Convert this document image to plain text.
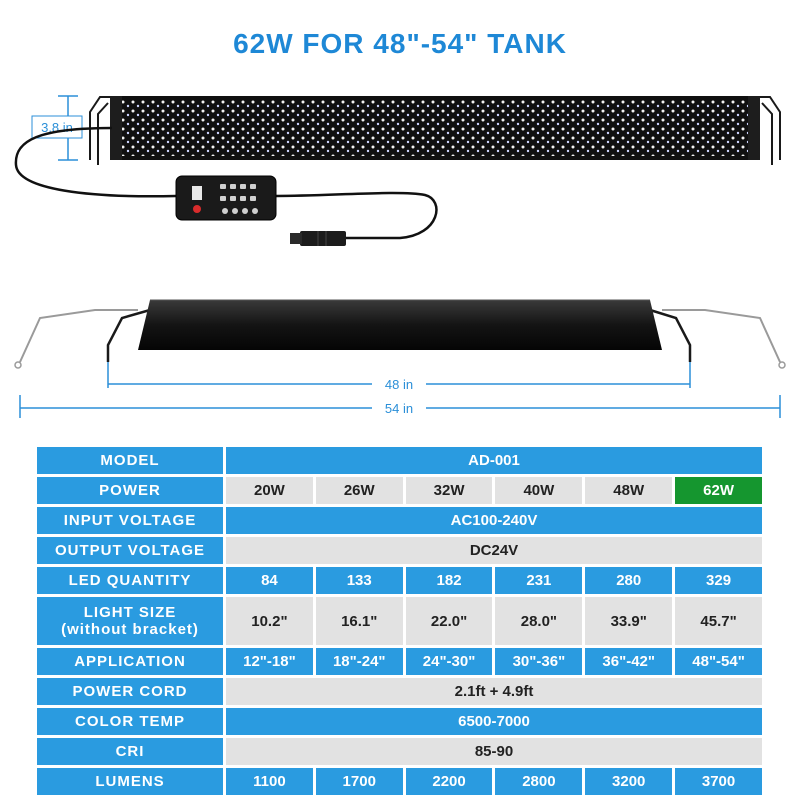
62W FOR 48"-54" TANK
3.8 in
48 in
54 in
MODEL	AD-001					
POWER	20W	26W	32W	40W	48W	62W
INPUT VOLTAGE	AC100-240V					
OUTPUT VOLTAGE	DC24V					
LED QUANTITY	84	133	182	231	280	329
LIGHT SIZE
(without bracket)	10.2"	16.1"	22.0"	28.0"	33.9"	45.7"
APPLICATION	12"-18"	18"-24"	24"-30"	30"-36"	36"-42"	48"-54"
POWER CORD	2.1ft + 4.9ft					
COLOR TEMP	6500-7000					
CRI	85-90					
LUMENS	1100	1700	2200	2800	3200	3700
